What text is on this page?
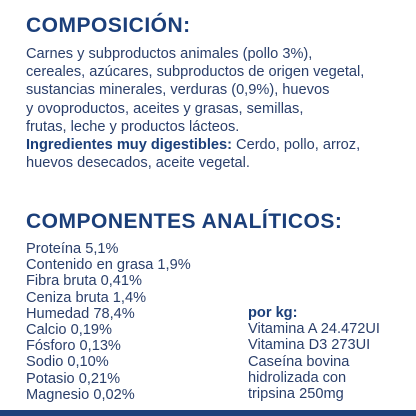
COMPOSICIÓN:
Carnes y subproductos animales (pollo 3%),
cereales, azúcares, subproductos de origen vegetal,
sustancias minerales, verduras (0,9%), huevos
y ovoproductos, aceites y grasas, semillas,
frutas, leche y productos lácteos.
Ingredientes muy digestibles: Cerdo, pollo, arroz,
huevos desecados, aceite vegetal.
COMPONENTES ANALÍTICOS:
Proteína 5,1%
Contenido en grasa 1,9%
Fibra bruta 0,41%
Ceniza bruta 1,4%
Humedad 78,4%
Calcio 0,19%
Fósforo 0,13%
Sodio 0,10%
Potasio 0,21%
Magnesio 0,02%
por kg:
Vitamina A 24.472UI
Vitamina D3 273UI
Caseína bovina
hidrolizada con
tripsina 250mg
